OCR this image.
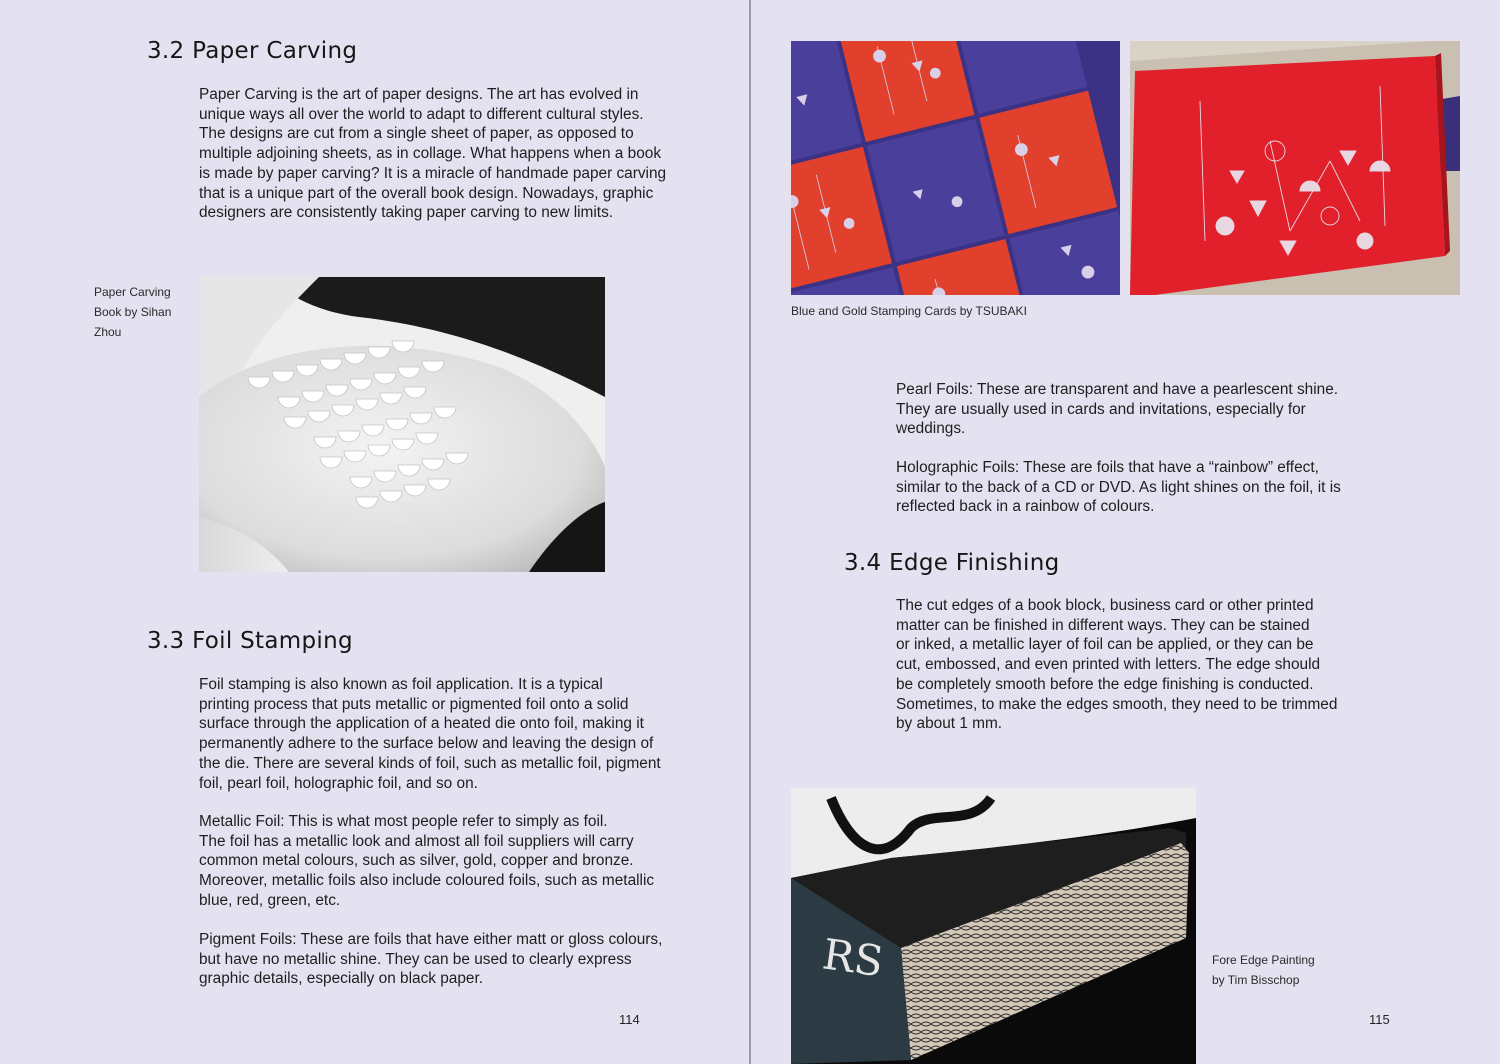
3.2 Paper Carving

Paper Carving is the art of paper designs. The art has evolved in
unique ways all over the world to adapt to different cultural styles.
The designs are cut from a single sheet of paper, as opposed to
multiple adjoining sheets, as in collage. What happens when a book
is made by paper carving? It is a miracle of handmade paper carving
that is a unique part of the overall book design. Nowadays, graphic
designers are consistently taking paper carving to new limits.

Paper Carving
Book by Sihan
Zhou
3.3 Foil Stamping

Foil stamping is also known as foil application. It is a typical
printing process that puts metallic or pigmented foil onto a solid
surface through the application of a heated die onto foil, making it
permanently adhere to the surface below and leaving the design of
the die. There are several kinds of foil, such as metallic foil, pigment
foil, pearl foil, holographic foil, and so on.

Metallic Foil: This is what most people refer to simply as foil.
The foil has a metallic look and almost all foil suppliers will carry
common metal colours, such as silver, gold, copper and bronze.
Moreover, metallic foils also include coloured foils, such as metallic
blue, red, green, etc.

Pigment Foils: These are foils that have either matt or gloss colours,
but have no metallic shine. They can be used to clearly express
graphic details, especially on black paper.

114
Blue and Gold Stamping Cards by TSUBAKI

Pearl Foils: These are transparent and have a pearlescent shine.
They are usually used in cards and invitations, especially for
weddings.

Holographic Foils: These are foils that have a “rainbow” effect,
similar to the back of a CD or DVD. As light shines on the foil, it is
reflected back in a rainbow of colours.

3.4 Edge Finishing

The cut edges of a book block, business card or other printed
matter can be finished in different ways. They can be stained
or inked, a metallic layer of foil can be applied, or they can be
cut, embossed, and even printed with letters. The edge should
be completely smooth before the edge finishing is conducted.
Sometimes, to make the edges smooth, they need to be trimmed
by about 1 mm.

RS	Fore Edge Painting
by Tim Bisschop
115
